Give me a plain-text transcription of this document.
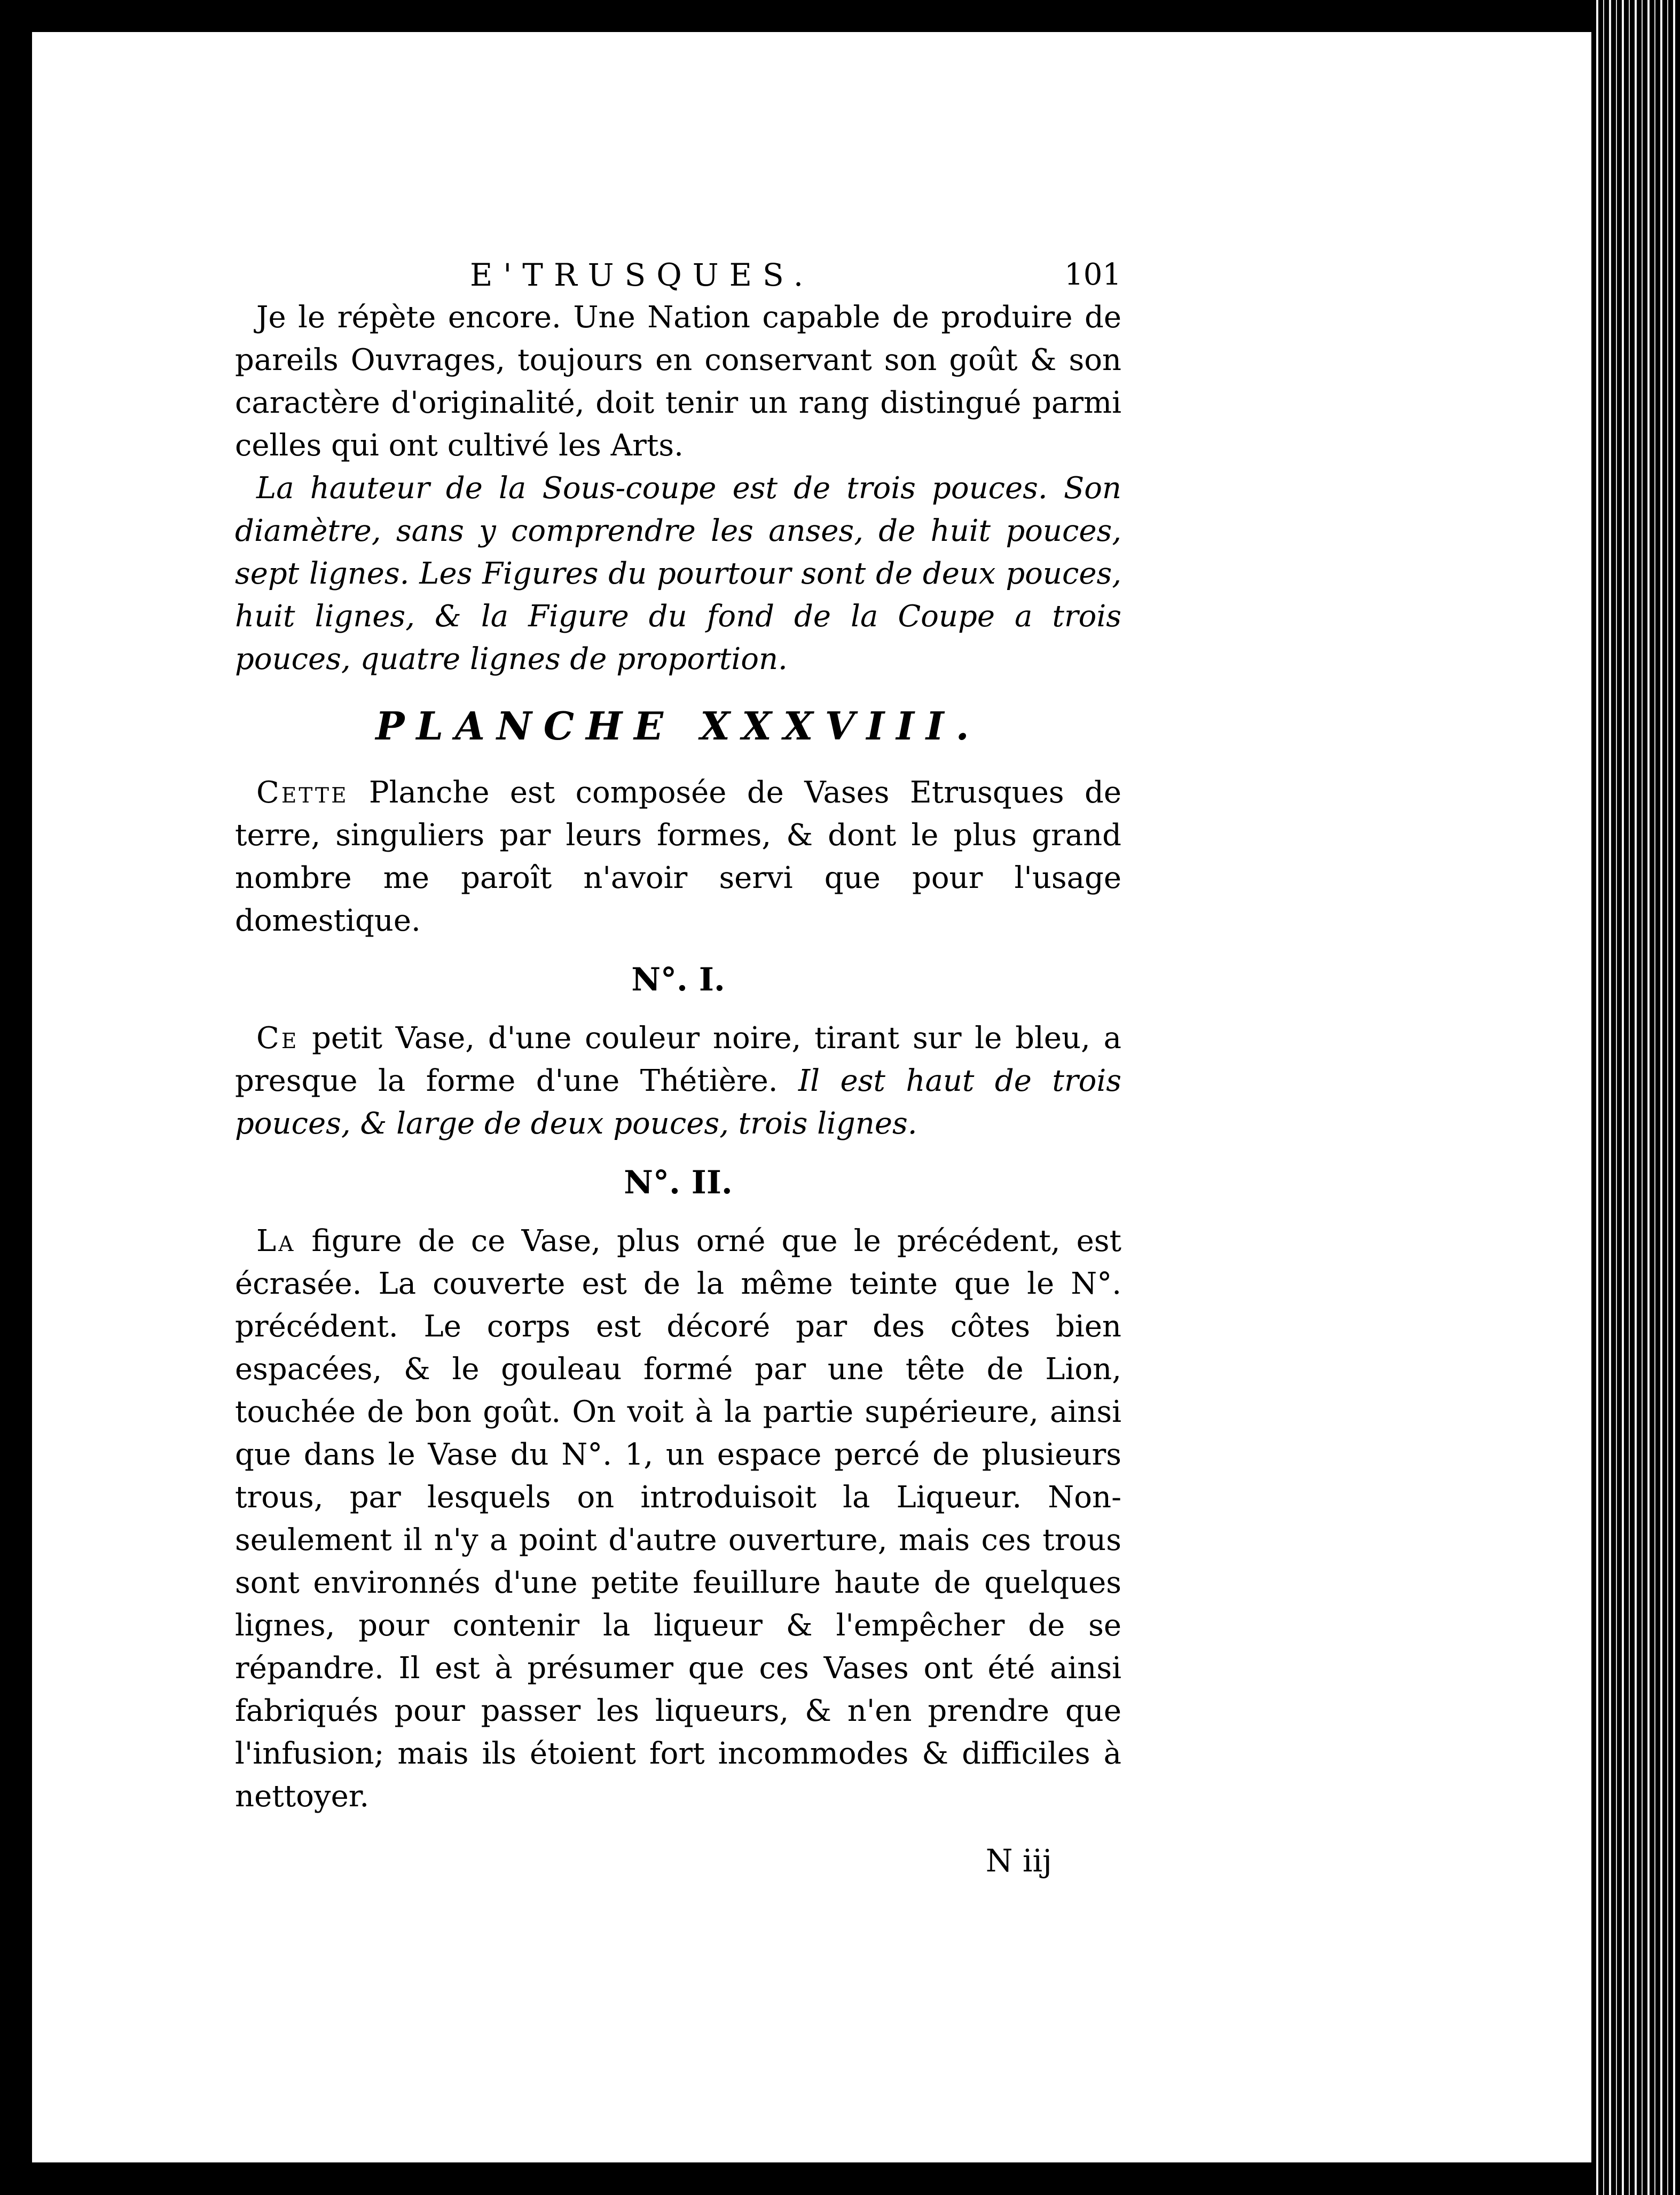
E'TRUSQUES.	101

Je le répète encore. Une Nation capable de produire de pareils Ouvrages, toujours en conservant son goût & son caractère d'originalité, doit tenir un rang distingué parmi celles qui ont cultivé les Arts.

La hauteur de la Sous-coupe est de trois pouces. Son diamètre, sans y comprendre les anses, de huit pouces, sept lignes. Les Figures du pourtour sont de deux pouces, huit lignes, & la Figure du fond de la Coupe a trois pouces, quatre lignes de proportion.

PLANCHE XXXVIII.

Cette Planche est composée de Vases Etrusques de terre, singuliers par leurs formes, & dont le plus grand nombre me paroît n'avoir servi que pour l'usage domestique.

N°. I.

Ce petit Vase, d'une couleur noire, tirant sur le bleu, a presque la forme d'une Thétière. Il est haut de trois pouces, & large de deux pouces, trois lignes.

N°. II.

La figure de ce Vase, plus orné que le précédent, est écrasée. La couverte est de la même teinte que le N°. précédent. Le corps est décoré par des côtes bien espacées, & le gouleau formé par une tête de Lion, touchée de bon goût. On voit à la partie supérieure, ainsi que dans le Vase du N°. 1, un espace percé de plusieurs trous, par lesquels on introduisoit la Liqueur. Non-seulement il n'y a point d'autre ouverture, mais ces trous sont environnés d'une petite feuillure haute de quelques lignes, pour contenir la liqueur & l'empêcher de se répandre. Il est à présumer que ces Vases ont été ainsi fabriqués pour passer les liqueurs, & n'en prendre que l'infusion; mais ils étoient fort incommodes & difficiles à nettoyer.

N iij
